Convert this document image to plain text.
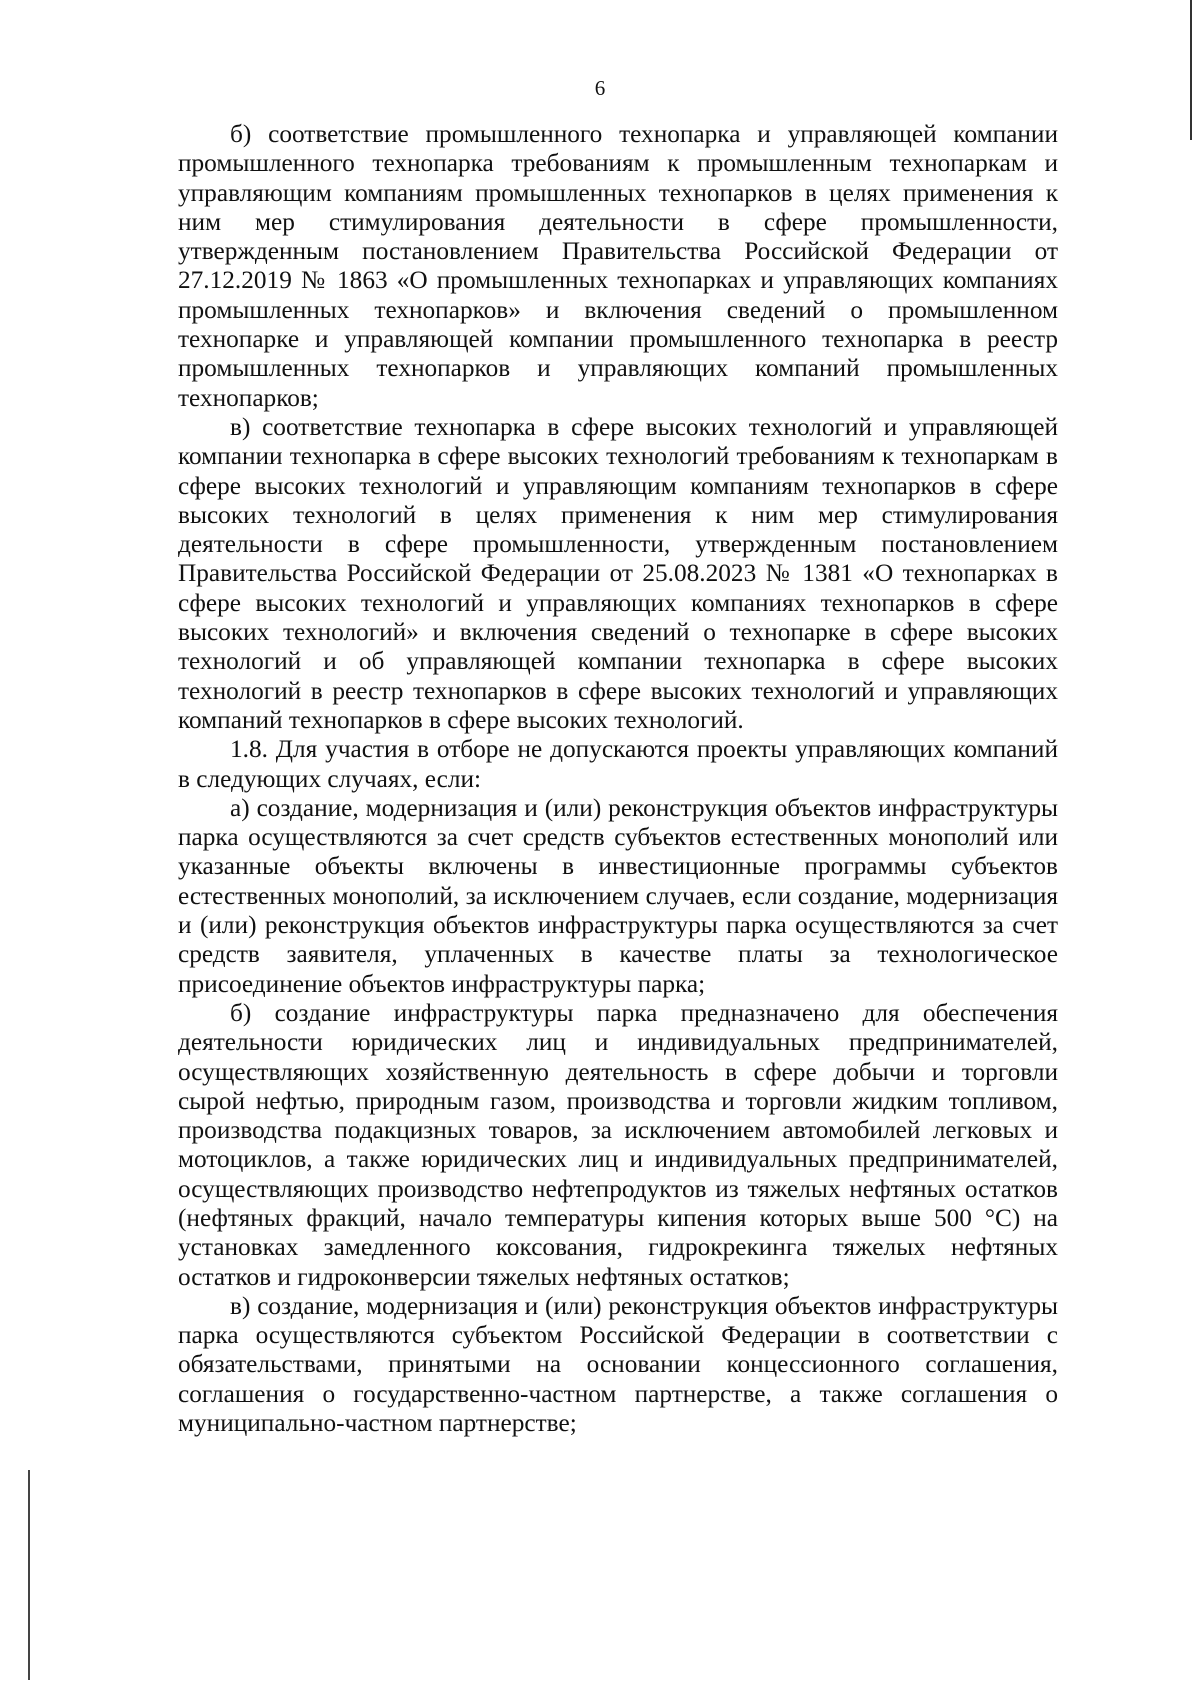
6

б) соответствие промышленного технопарка и управляющей компании промышленного технопарка требованиям к промышленным технопаркам и управляющим компаниям промышленных технопарков в целях применения к ним мер стимулирования деятельности в сфере промышленности, утвержденным постановлением Правительства Российской Федерации от 27.12.2019 № 1863 «О промышленных технопарках и управляющих компаниях промышленных технопарков» и включения сведений о промышленном технопарке и управляющей компании промышленного технопарка в реестр промышленных технопарков и управляющих компаний промышленных технопарков;

в) соответствие технопарка в сфере высоких технологий и управляющей компании технопарка в сфере высоких технологий требованиям к технопаркам в сфере высоких технологий и управляющим компаниям технопарков в сфере высоких технологий в целях применения к ним мер стимулирования деятельности в сфере промышленности, утвержденным постановлением Правительства Российской Федерации от 25.08.2023 № 1381 «О технопарках в сфере высоких технологий и управляющих компаниях технопарков в сфере высоких технологий» и включения сведений о технопарке в сфере высоких технологий и об управляющей компании технопарка в сфере высоких технологий в реестр технопарков в сфере высоких технологий и управляющих компаний технопарков в сфере высоких технологий.

1.8. Для участия в отборе не допускаются проекты управляющих компаний в следующих случаях, если:

а) создание, модернизация и (или) реконструкция объектов инфраструктуры парка осуществляются за счет средств субъектов естественных монополий или указанные объекты включены в инвестиционные программы субъектов естественных монополий, за исключением случаев, если создание, модернизация и (или) реконструкция объектов инфраструктуры парка осуществляются за счет средств заявителя, уплаченных в качестве платы за технологическое присоединение объектов инфраструктуры парка;

б) создание инфраструктуры парка предназначено для обеспечения деятельности юридических лиц и индивидуальных предпринимателей, осуществляющих хозяйственную деятельность в сфере добычи и торговли сырой нефтью, природным газом, производства и торговли жидким топливом, производства подакцизных товаров, за исключением автомобилей легковых и мотоциклов, а также юридических лиц и индивидуальных предпринимателей, осуществляющих производство нефтепродуктов из тяжелых нефтяных остатков (нефтяных фракций, начало температуры кипения которых выше 500 °C) на установках замедленного коксования, гидрокрекинга тяжелых нефтяных остатков и гидроконверсии тяжелых нефтяных остатков;

в) создание, модернизация и (или) реконструкция объектов инфраструктуры парка осуществляются субъектом Российской Федерации в соответствии с обязательствами, принятыми на основании концессионного соглашения, соглашения о государственно-частном партнерстве, а также соглашения о муниципально-частном партнерстве;
